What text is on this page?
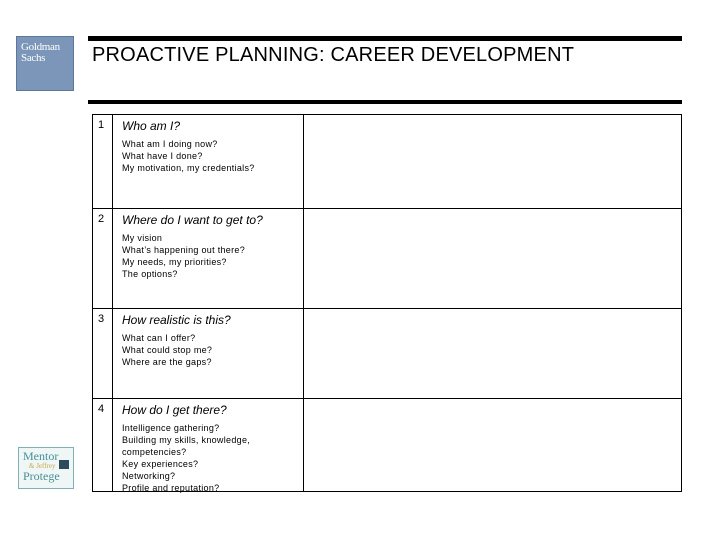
Goldman
Sachs	PROACTIVE PLANNING: CAREER DEVELOPMENT
1	Who am I?
What am I doing now?
What have I done?
My motivation, my credentials?
2	Where do I want to get to?
My vision
What’s happening out there?
My needs, my priorities?
The options?
3	How realistic is this?
What can I offer?
What could stop me?
Where are the gaps?
4	How do I get there?
Intelligence gathering?
Building my skills, knowledge,
competencies?
Key experiences?
Networking?
Profile and reputation?
Mentor
& Jeffrey
Protege
